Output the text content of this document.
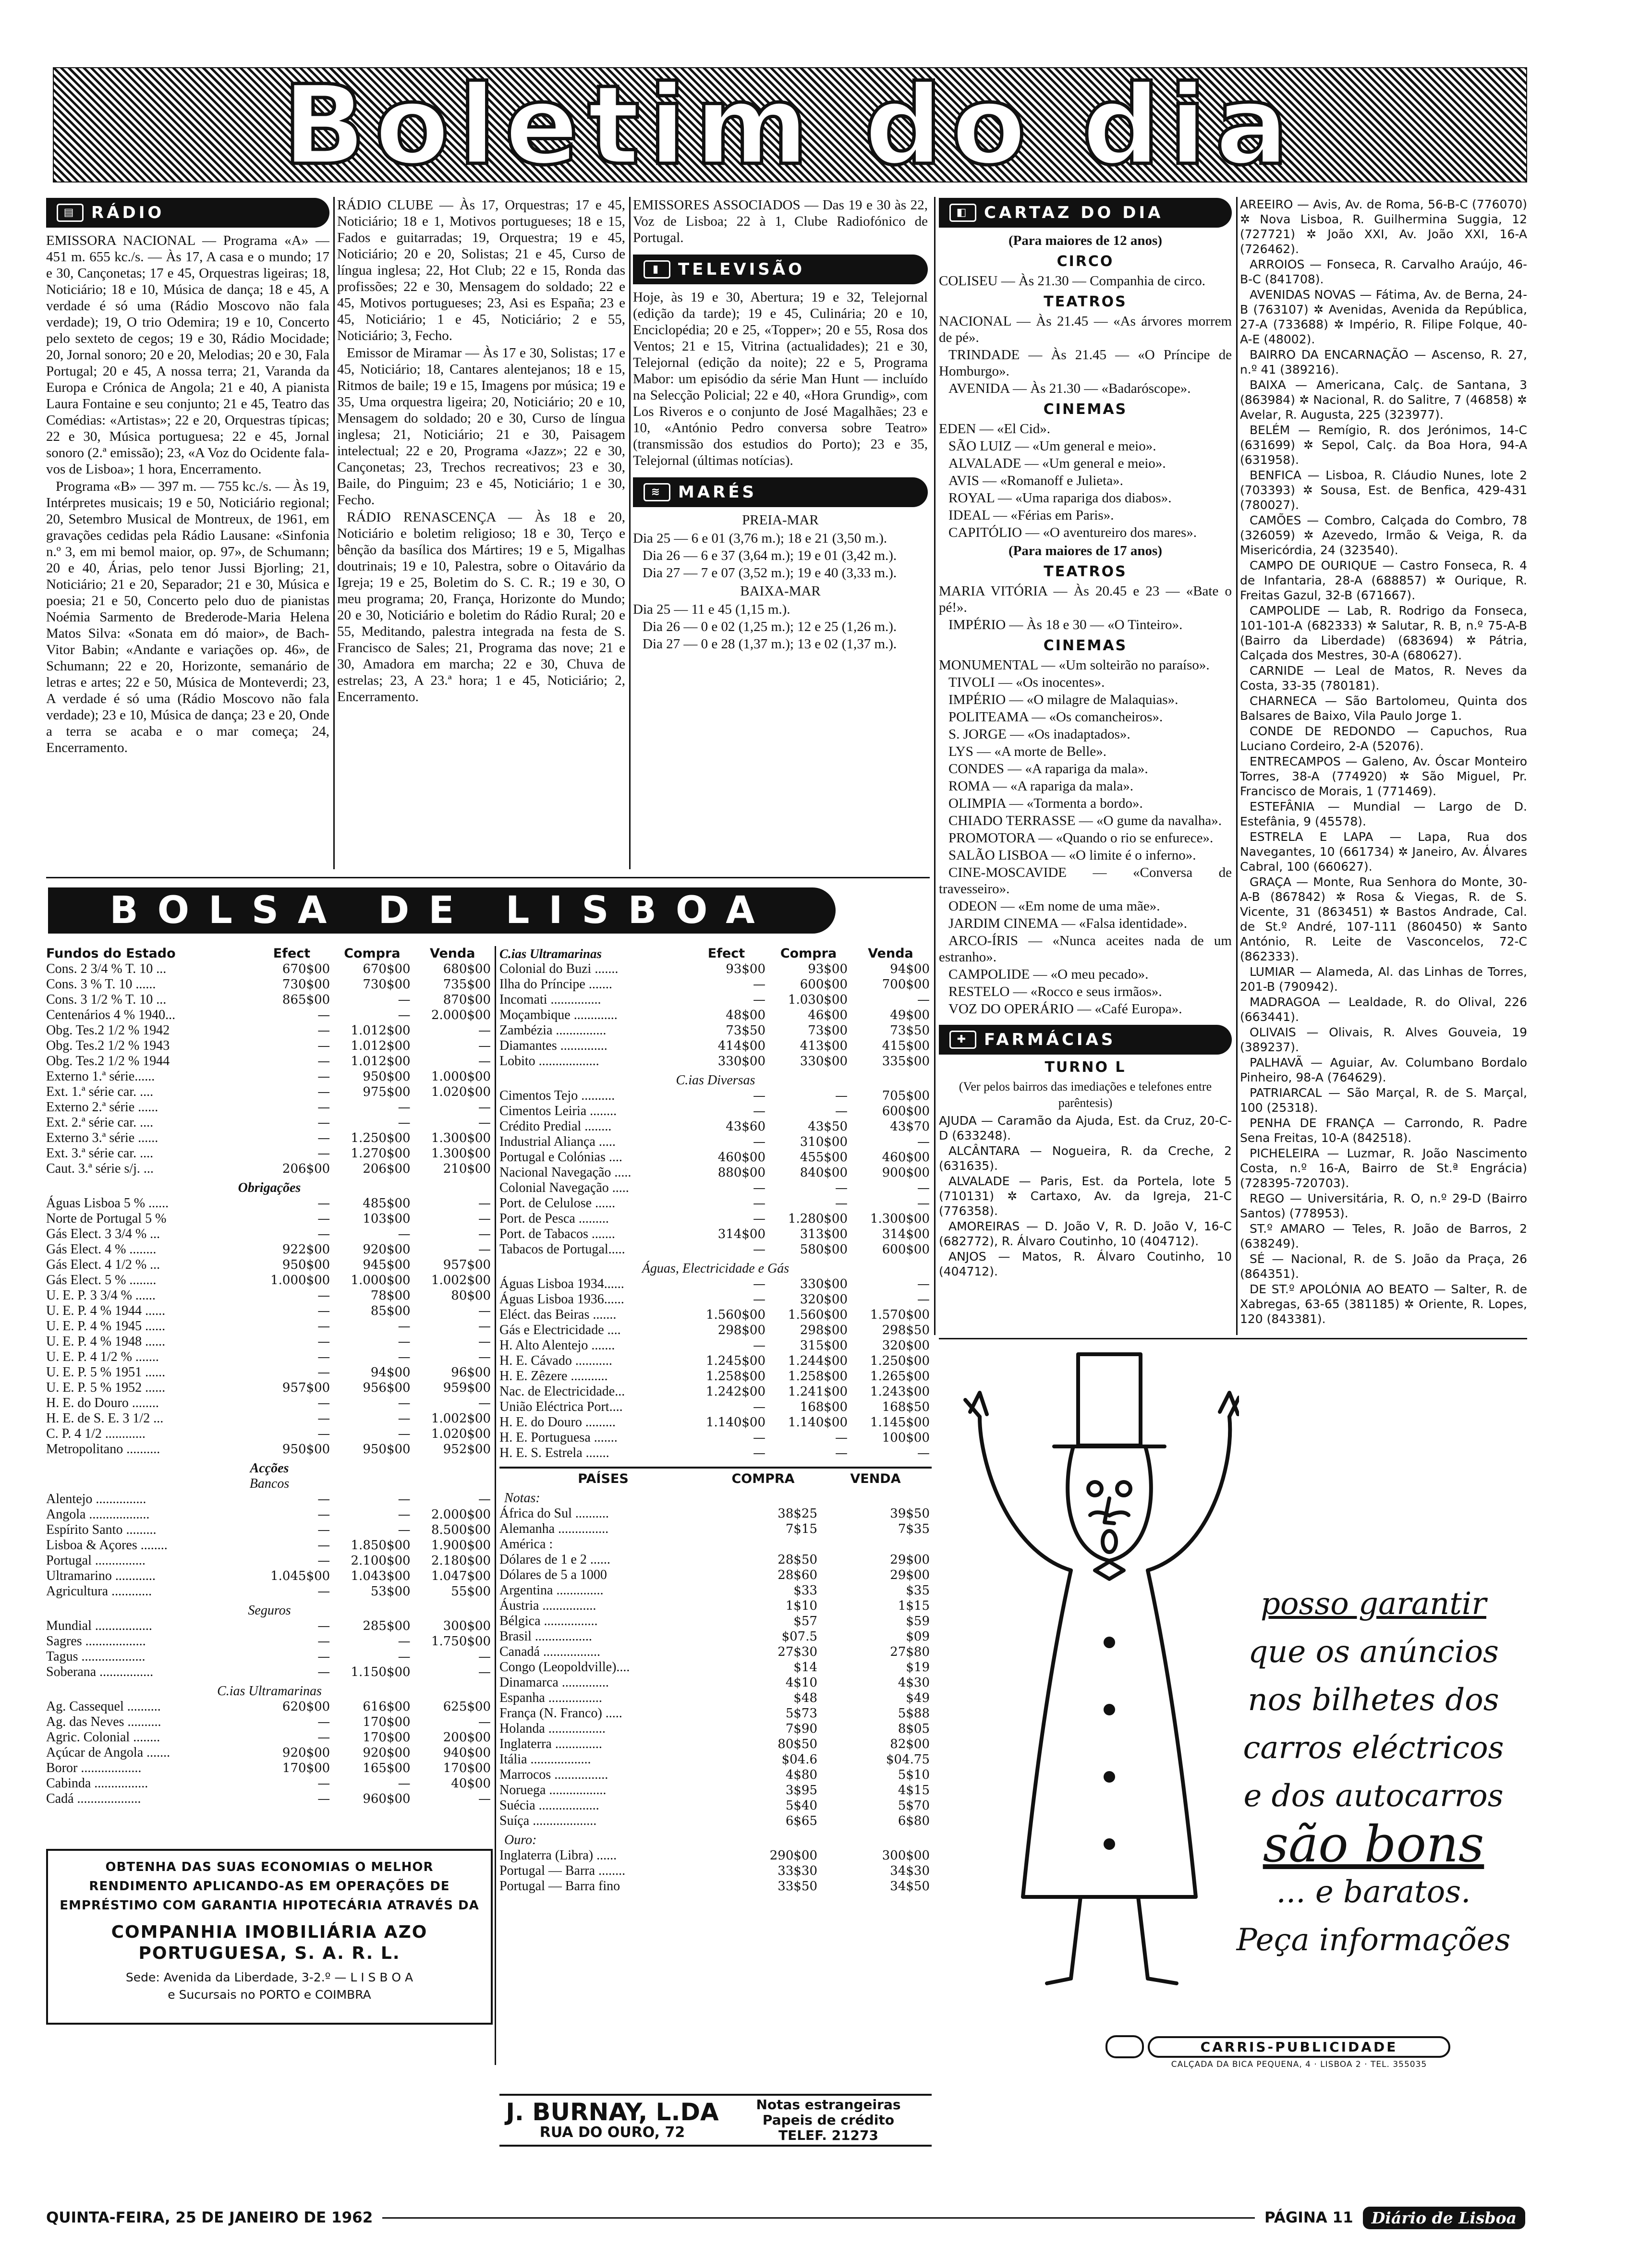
Boletim do dia
▤ RÁDIO

EMISSORA NACIONAL — Programa «A» — 451 m. 655 kc./s. — Às 17, A casa e o mundo; 17 e 30, Cançonetas; 17 e 45, Orquestras ligeiras; 18, Noticiário; 18 e 10, Música de dança; 18 e 45, A verdade é só uma (Rádio Moscovo não fala verdade); 19, O trio Odemira; 19 e 10, Concerto pelo sexteto de cegos; 19 e 30, Rádio Mocidade; 20, Jornal sonoro; 20 e 20, Melodias; 20 e 30, Fala Portugal; 20 e 45, A nossa terra; 21, Varanda da Europa e Crónica de Angola; 21 e 40, A pianista Laura Fontaine e seu conjunto; 21 e 45, Teatro das Comédias: «Artistas»; 22 e 20, Orquestras típicas; 22 e 30, Música portuguesa; 22 e 45, Jornal sonoro (2.ª emissão); 23, «A Voz do Ocidente fala-vos de Lisboa»; 1 hora, Encerramento.

Programa «B» — 397 m. — 755 kc./s. — Às 19, Intérpretes musicais; 19 e 50, Noticiário regional; 20, Setembro Musical de Montreux, de 1961, em gravações cedidas pela Rádio Lausane: «Sinfonia n.º 3, em mi bemol maior, op. 97», de Schumann; 20 e 40, Árias, pelo tenor Jussi Bjorling; 21, Noticiário; 21 e 20, Separador; 21 e 30, Música e poesia; 21 e 50, Concerto pelo duo de pianistas Noémia Sarmento de Brederode-Maria Helena Matos Silva: «Sonata em dó maior», de Bach-Vitor Babin; «Andante e variações op. 46», de Schumann; 22 e 20, Horizonte, semanário de letras e artes; 22 e 50, Música de Monteverdi; 23, A verdade é só uma (Rádio Moscovo não fala verdade); 23 e 10, Música de dança; 23 e 20, Onde a terra se acaba e o mar começa; 24, Encerramento.

RÁDIO CLUBE — Às 17, Orquestras; 17 e 45, Noticiário; 18 e 1, Motivos portugueses; 18 e 15, Fados e guitarradas; 19, Orquestra; 19 e 45, Noticiário; 20 e 20, Solistas; 21 e 45, Curso de língua inglesa; 22, Hot Club; 22 e 15, Ronda das profissões; 22 e 30, Mensagem do soldado; 22 e 45, Motivos portugueses; 23, Asi es España; 23 e 45, Noticiário; 1 e 45, Noticiário; 2 e 55, Noticiário; 3, Fecho.

Emissor de Miramar — Às 17 e 30, Solistas; 17 e 45, Noticiário; 18, Cantares alentejanos; 18 e 15, Ritmos de baile; 19 e 15, Imagens por música; 19 e 35, Uma orquestra ligeira; 20, Noticiário; 20 e 10, Mensagem do soldado; 20 e 30, Curso de língua inglesa; 21, Noticiário; 21 e 30, Paisagem intelectual; 22 e 20, Programa «Jazz»; 22 e 30, Cançonetas; 23, Trechos recreativos; 23 e 30, Baile, do Pinguim; 23 e 45, Noticiário; 1 e 30, Fecho.

RÁDIO RENASCENÇA — Às 18 e 20, Noticiário e boletim religioso; 18 e 30, Terço e bênção da basílica dos Mártires; 19 e 5, Migalhas doutrinais; 19 e 10, Palestra, sobre o Oitavário da Igreja; 19 e 25, Boletim do S. C. R.; 19 e 30, O meu programa; 20, França, Horizonte do Mundo; 20 e 30, Noticiário e boletim do Rádio Rural; 20 e 55, Meditando, palestra integrada na festa de S. Francisco de Sales; 21, Programa das nove; 21 e 30, Amadora em marcha; 22 e 30, Chuva de estrelas; 23, A 23.ª hora; 1 e 45, Noticiário; 2, Encerramento.

EMISSORES ASSOCIADOS — Das 19 e 30 às 22, Voz de Lisboa; 22 à 1, Clube Radiofónico de Portugal.

▮	TELEVISÃO

Hoje, às 19 e 30, Abertura; 19 e 32, Telejornal (edição da tarde); 19 e 45, Culinária; 20 e 10, Enciclopédia; 20 e 25, «Topper»; 20 e 55, Rosa dos Ventos; 21 e 15, Vitrina (actualidades); 21 e 30, Telejornal (edição da noite); 22 e 5, Programa Mabor: um episódio da série Man Hunt — incluído na Selecção Policial; 22 e 40, «Hora Grundig», com Los Riveros e o conjunto de José Magalhães; 23 e 10, «António Pedro conversa sobre Teatro» (transmissão dos estudios do Porto); 23 e 35, Telejornal (últimas notícias).

≋ MARÉS
PREIA-MAR

Dia 25 — 6 e 01 (3,76 m.); 18 e 21 (3,50 m.).

Dia 26 — 6 e 37 (3,64 m.); 19 e 01 (3,42 m.).

Dia 27 — 7 e 07 (3,52 m.); 19 e 40 (3,33 m.).

BAIXA-MAR

Dia 25 — 11 e 45 (1,15 m.).

Dia 26 — 0 e 02 (1,25 m.); 12 e 25 (1,26 m.).

Dia 27 — 0 e 28 (1,37 m.); 13 e 02 (1,37 m.).

◧ CARTAZ DO DIA
(Para maiores de 12 anos)
CIRCO

COLISEU — Às 21.30 — Companhia de circo.

TEATROS

NACIONAL — Às 21.45 — «As árvores morrem de pé».

TRINDADE — Às 21.45 — «O Príncipe de Homburgo».

AVENIDA — Às 21.30 — «Badaróscope».

CINEMAS

EDEN — «El Cid».

SÃO LUIZ — «Um general e meio».

ALVALADE — «Um general e meio».

AVIS — «Romanoff e Julieta».

ROYAL — «Uma rapariga dos diabos».

IDEAL — «Férias em Paris».

CAPITÓLIO — «O aventureiro dos mares».

(Para maiores de 17 anos)
TEATROS

MARIA VITÓRIA — Às 20.45 e 23 — «Bate o pé!».

IMPÉRIO — Às 18 e 30 — «O Tinteiro».

CINEMAS

MONUMENTAL — «Um solteirão no paraíso».

TIVOLI — «Os inocentes».

IMPÉRIO — «O milagre de Malaquias».

POLITEAMA — «Os comancheiros».

S. JORGE — «Os inadaptados».

LYS — «A morte de Belle».

CONDES — «A rapariga da mala».

ROMA — «A rapariga da mala».

OLIMPIA — «Tormenta a bordo».

CHIADO TERRASSE — «O gume da navalha».

PROMOTORA — «Quando o rio se enfurece».

SALÃO LISBOA — «O limite é o inferno».

CINE-MOSCAVIDE — «Conversa de travesseiro».

ODEON — «Em nome de uma mãe».

JARDIM CINEMA — «Falsa identidade».

ARCO-ÍRIS — «Nunca aceites nada de um estranho».

CAMPOLIDE — «O meu pecado».

RESTELO — «Rocco e seus irmãos».

VOZ DO OPERÁRIO — «Café Europa».

✚ FARMÁCIAS
TURNO L
(Ver pelos bairros das imediações e telefones entre parêntesis)

AJUDA — Caramão da Ajuda, Est. da Cruz, 20-C-D (633248).

ALCÂNTARA — Nogueira, R. da Creche, 2 (631635).

ALVALADE — Paris, Est. da Portela, lote 5 (710131) ✲ Cartaxo, Av. da Igreja, 21-C (776358).

AMOREIRAS — D. João V, R. D. João V, 16-C (682772), R. Álvaro Coutinho, 10 (404712).

ANJOS — Matos, R. Álvaro Coutinho, 10 (404712).

AREEIRO — Avis, Av. de Roma, 56-B-C (776070) ✲ Nova Lisboa, R. Guilhermina Suggia, 12 (727721) ✲ João XXI, Av. João XXI, 16-A (726462).

ARROIOS — Fonseca, R. Carvalho Araújo, 46-B-C (841708).

AVENIDAS NOVAS — Fátima, Av. de Berna, 24-B (763107) ✲ Avenidas, Avenida da República, 27-A (733688) ✲ Império, R. Filipe Folque, 40-A-E (48002).

BAIRRO DA ENCARNAÇÃO — Ascenso, R. 27, n.º 41 (389216).

BAIXA — Americana, Calç. de Santana, 3 (863984) ✲ Nacional, R. do Salitre, 7 (46858) ✲ Avelar, R. Augusta, 225 (323977).

BELÉM — Remígio, R. dos Jerónimos, 14-C (631699) ✲ Sepol, Calç. da Boa Hora, 94-A (631958).

BENFICA — Lisboa, R. Cláudio Nunes, lote 2 (703393) ✲ Sousa, Est. de Benfica, 429-431 (780027).

CAMÕES — Combro, Calçada do Combro, 78 (326059) ✲ Azevedo, Irmão & Veiga, R. da Misericórdia, 24 (323540).

CAMPO DE OURIQUE — Castro Fonseca, R. 4 de Infantaria, 28-A (688857) ✲ Ourique, R. Freitas Gazul, 32-B (671667).

CAMPOLIDE — Lab, R. Rodrigo da Fonseca, 101-101-A (682333) ✲ Salutar, R. B, n.º 75-A-B (Bairro da Liberdade) (683694) ✲ Pátria, Calçada dos Mestres, 30-A (680627).

CARNIDE — Leal de Matos, R. Neves da Costa, 33-35 (780181).

CHARNECA — São Bartolomeu, Quinta dos Balsares de Baixo, Vila Paulo Jorge 1.

CONDE DE REDONDO — Capuchos, Rua Luciano Cordeiro, 2-A (52076).

ENTRECAMPOS — Galeno, Av. Óscar Monteiro Torres, 38-A (774920) ✲ São Miguel, Pr. Francisco de Morais, 1 (771469).

ESTEFÂNIA — Mundial — Largo de D. Estefânia, 9 (45578).

ESTRELA E LAPA — Lapa, Rua dos Navegantes, 10 (661734) ✲ Janeiro, Av. Álvares Cabral, 100 (660627).

GRAÇA — Monte, Rua Senhora do Monte, 30-A-B (867842) ✲ Rosa & Viegas, R. de S. Vicente, 31 (863451) ✲ Bastos Andrade, Cal. de St.º André, 107-111 (860450) ✲ Santo António, R. Leite de Vasconcelos, 72-C (862333).

LUMIAR — Alameda, Al. das Linhas de Torres, 201-B (790942).

MADRAGOA — Lealdade, R. do Olival, 226 (663441).

OLIVAIS — Olivais, R. Alves Gouveia, 19 (389237).

PALHAVÃ — Aguiar, Av. Columbano Bordalo Pinheiro, 98-A (764629).

PATRIARCAL — São Marçal, R. de S. Marçal, 100 (25318).

PENHA DE FRANÇA — Carrondo, R. Padre Sena Freitas, 10-A (842518).

PICHELEIRA — Luzmar, R. João Nascimento Costa, n.º 16-A, Bairro de St.ª Engrácia) (728395-720703).

REGO — Universitária, R. O, n.º 29-D (Bairro Santos) (778953).

ST.º AMARO — Teles, R. João de Barros, 2 (638249).

SÉ — Nacional, R. de S. João da Praça, 26 (864351).

DE ST.º APOLÓNIA AO BEATO — Salter, R. de Xabregas, 63-65 (381185) ✲ Oriente, R. Lopes, 120 (843381).

BOLSA DE LISBOA
Fundos do Estado	Efect	Compra	Venda
Cons. 2 3/4 % T. 10 ...	670$00	670$00	680$00
Cons. 3 % T. 10 ......	730$00	730$00	735$00
Cons. 3 1/2 % T. 10 ...	865$00	—	870$00
Centenários 4 % 1940...	—	—	2.000$00
Obg. Tes.2 1/2 % 1942	—	1.012$00	—
Obg. Tes.2 1/2 % 1943	—	1.012$00	—
Obg. Tes.2 1/2 % 1944	—	1.012$00	—
Externo 1.ª série......	—	950$00	1.000$00
Ext. 1.ª série car. ....	—	975$00	1.020$00
Externo 2.ª série ......	—	—	—
Ext. 2.ª série car. ....	—	—	—
Externo 3.ª série ......	—	1.250$00	1.300$00
Ext. 3.ª série car. ....	—	1.270$00	1.300$00
Caut. 3.ª série s/j. ...	206$00	206$00	210$00
Obrigações			
Águas Lisboa 5 % ......	—	485$00	—
Norte de Portugal 5 %	—	103$00	—
Gás Elect. 3 3/4 % ...	—	—	—
Gás Elect. 4 % ........	922$00	920$00	—
Gás Elect. 4 1/2 % ...	950$00	945$00	957$00
Gás Elect. 5 % ........	1.000$00	1.000$00	1.002$00
U. E. P. 3 3/4 % ......	—	78$00	80$00
U. E. P. 4 % 1944 ......	—	85$00	—
U. E. P. 4 % 1945 ......	—	—	—
U. E. P. 4 % 1948 ......	—	—	—
U. E. P. 4 1/2 % .......	—	—	—
U. E. P. 5 % 1951 ......	—	94$00	96$00
U. E. P. 5 % 1952 ......	957$00	956$00	959$00
H. E. do Douro ........	—	—	—
H. E. de S. E. 3 1/2 ...	—	—	1.002$00
C. P. 4 1/2 ............	—	—	1.020$00
Metropolitano ..........	950$00	950$00	952$00
Acções			
Bancos			
Alentejo ...............	—	—	—
Angola ..................	—	—	2.000$00
Espírito Santo .........	—	—	8.500$00
Lisboa & Açores ........	—	1.850$00	1.900$00
Portugal ...............	—	2.100$00	2.180$00
Ultramarino ............	1.045$00	1.043$00	1.047$00
Agricultura ............	—	53$00	55$00
Seguros			
Mundial .................	—	285$00	300$00
Sagres ..................	—	—	1.750$00
Tagus ...................	—	—	—
Soberana ................	—	1.150$00	—
C.ias Ultramarinas			
Ag. Cassequel ..........	620$00	616$00	625$00
Ag. das Neves ..........	—	170$00	—
Agric. Colonial ........	—	170$00	200$00
Açúcar de Angola .......	920$00	920$00	940$00
Boror ..................	170$00	165$00	170$00
Cabinda ................	—	—	40$00
Cadá ...................	—	960$00	—
C.ias Ultramarinas	Efect	Compra	Venda
Colonial do Buzi .......	93$00	93$00	94$00
Ilha do Príncipe .......	—	600$00	700$00
Incomati ...............	—	1.030$00	—
Moçambique .............	48$00	46$00	49$00
Zambézia ...............	73$50	73$00	73$50
Diamantes ..............	414$00	413$00	415$00
Lobito ..................	330$00	330$00	335$00
C.ias Diversas			
Cimentos Tejo ..........	—	—	705$00
Cimentos Leiria ........	—	—	600$00
Crédito Predial ........	43$60	43$50	43$70
Industrial Aliança .....	—	310$00	—
Portugal e Colónias ....	460$00	455$00	460$00
Nacional Navegação .....	880$00	840$00	900$00
Colonial Navegação .....	—	—	—
Port. de Celulose ......	—	—	—
Port. de Pesca .........	—	1.280$00	1.300$00
Port. de Tabacos .......	314$00	313$00	314$00
Tabacos de Portugal.....	—	580$00	600$00
Águas, Electricidade e Gás			
Águas Lisboa 1934......	—	330$00	—
Águas Lisboa 1936......	—	320$00	—
Eléct. das Beiras .......	1.560$00	1.560$00	1.570$00
Gás e Electricidade ....	298$00	298$00	298$50
H. Alto Alentejo .......	—	315$00	320$00
H. E. Cávado ...........	1.245$00	1.244$00	1.250$00
H. E. Zêzere ...........	1.258$00	1.258$00	1.265$00
Nac. de Electricidade...	1.242$00	1.241$00	1.243$00
União Eléctrica Port....	—	168$00	168$50
H. E. do Douro .........	1.140$00	1.140$00	1.145$00
H. E. Portuguesa .......	—	—	100$00
H. E. S. Estrela .......	—	—	—
PAÍSES	COMPRA	VENDA
Notas:		
África do Sul ..........	38$25	39$50
Alemanha ...............	7$15	7$35
América :		
Dólares de 1 e 2 ......	28$50	29$00
Dólares de 5 a 1000	28$60	29$00
Argentina ..............	$33	$35
Áustria ................	1$10	1$15
Bélgica ................	$57	$59
Brasil .................	$07.5	$09
Canadá .................	27$30	27$80
Congo (Leopoldville)....	$14	$19
Dinamarca ..............	4$10	4$30
Espanha ................	$48	$49
França (N. Franco) .....	5$73	5$88
Holanda .................	7$90	8$05
Inglaterra ..............	80$50	82$00
Itália ..................	$04.6	$04.75
Marrocos ................	4$80	5$10
Noruega .................	3$95	4$15
Suécia ..................	5$40	5$70
Suíça ...................	6$65	6$80
Ouro:		
Inglaterra (Libra) ......	290$00	300$00
Portugal — Barra ........	33$30	34$30
Portugal — Barra fino	33$50	34$50
OBTENHA DAS SUAS ECONOMIAS O MELHOR RENDIMENTO APLICANDO-AS EM OPERAÇÕES DE EMPRÉSTIMO COM GARANTIA HIPOTECÁRIA ATRAVÉS DA
COMPANHIA IMOBILIÁRIA AZO PORTUGUESA, S. A. R. L.
Sede: Avenida da Liberdade, 3-2.º — L I S B O A
e Sucursais no PORTO e COIMBRA
J. BURNAY, L.DA
RUA DO OURO, 72
Notas estrangeiras
Papeis de crédito
TELEF. 21273
posso garantir
que os anúncios
nos bilhetes dos
carros eléctricos
e dos autocarros
são bons
... e baratos.
Peça informações
CARRIS-PUBLICIDADE
CALÇADA DA BICA PEQUENA, 4 · LISBOA 2 · TEL. 355035
QUINTA-FEIRA, 25 DE JANEIRO DE 1962	PÁGINA 11	Diário de Lisboa
